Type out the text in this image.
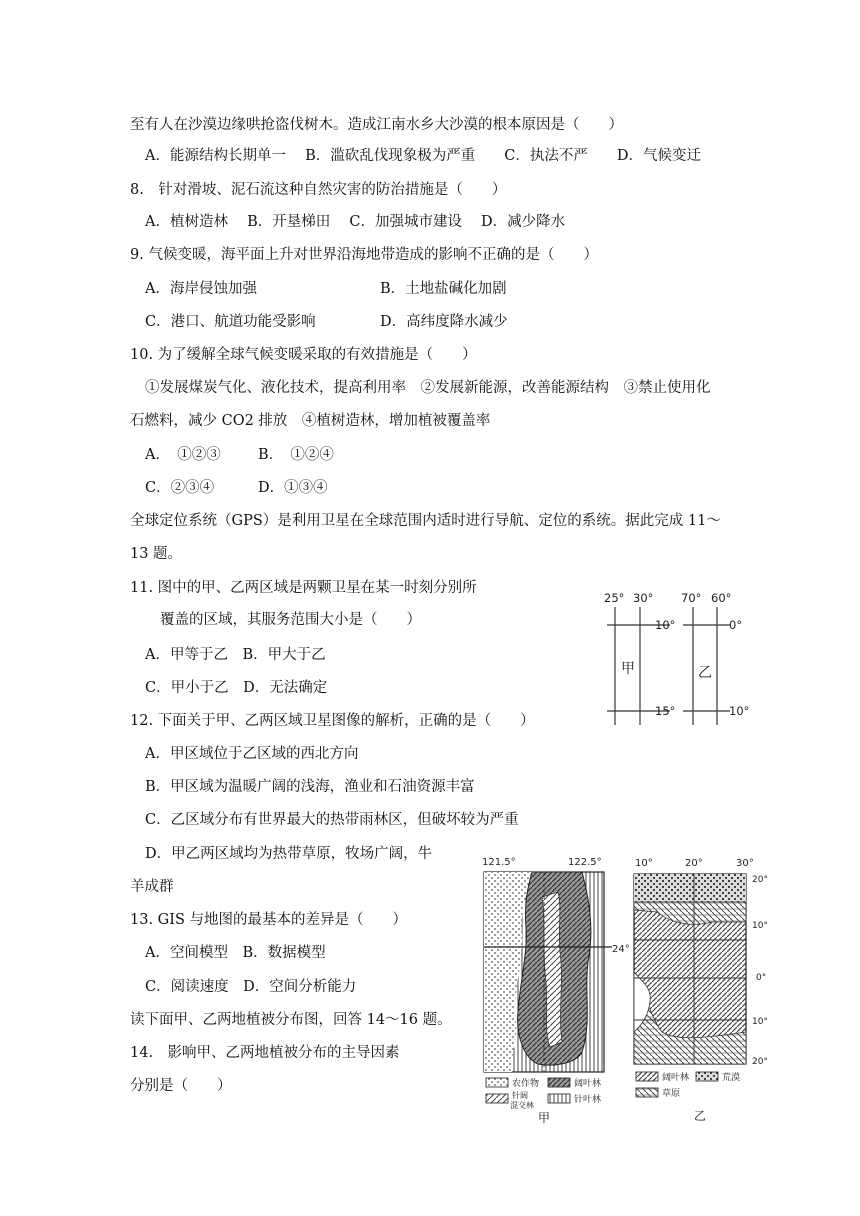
至有人在沙漠边缘哄抢盗伐树木。造成江南水乡大沙漠的根本原因是（　　）
A．能源结构长期单一　 B．滥砍乱伐现象极为严重　　C．执法不严　　D．气候变迁
8.　针对滑坡、泥石流这种自然灾害的防治措施是（　　）
A．植树造林　 B．开垦梯田　 C．加强城市建设　 D．减少降水
9. 气候变暖，海平面上升对世界沿海地带造成的影响不正确的是（　　）
A．海岸侵蚀加强	B．土地盐碱化加剧
C．港口、航道功能受影响	D．高纬度降水减少
10. 为了缓解全球气候变暖采取的有效措施是（　　）
①发展煤炭气化、液化技术，提高利用率　②发展新能源，改善能源结构　③禁止使用化
石燃料，减少 CO2 排放　④植树造林，增加植被覆盖率
A．　①②③	B．　①②④
C．②③④	D．①③④
全球定位系统（GPS）是利用卫星在全球范围内适时进行导航、定位的系统。据此完成 11～
13 题。
11. 图中的甲、乙两区域是两颗卫星在某一时刻分别所
覆盖的区域，其服务范围大小是（　　）
A．甲等于乙　B．甲大于乙
C．甲小于乙　D．无法确定
12. 下面关于甲、乙两区域卫星图像的解析，正确的是（　　）
A．甲区域位于乙区域的西北方向
B．甲区域为温暖广阔的浅海，渔业和石油资源丰富
C．乙区域分布有世界最大的热带雨林区，但破坏较为严重
D．甲乙两区域均为热带草原，牧场广阔，牛
羊成群
13. GIS 与地图的最基本的差异是（　　）
A．空间模型　B．数据模型
C．阅读速度　D．空间分析能力
读下面甲、乙两地植被分布图，回答 14～16 题。
14.　影响甲、乙两地植被分布的主导因素
分别是（　　）
25° 30° 70° 60°
10°
15°
0°
10°
甲	乙
121.5°	122.5°
24°
农作物	阔叶林
针阔
混交林
针叶林
甲
10°	20°	30°
20°
10°
0°
10°
20°
阔叶林	荒漠
草原
乙
